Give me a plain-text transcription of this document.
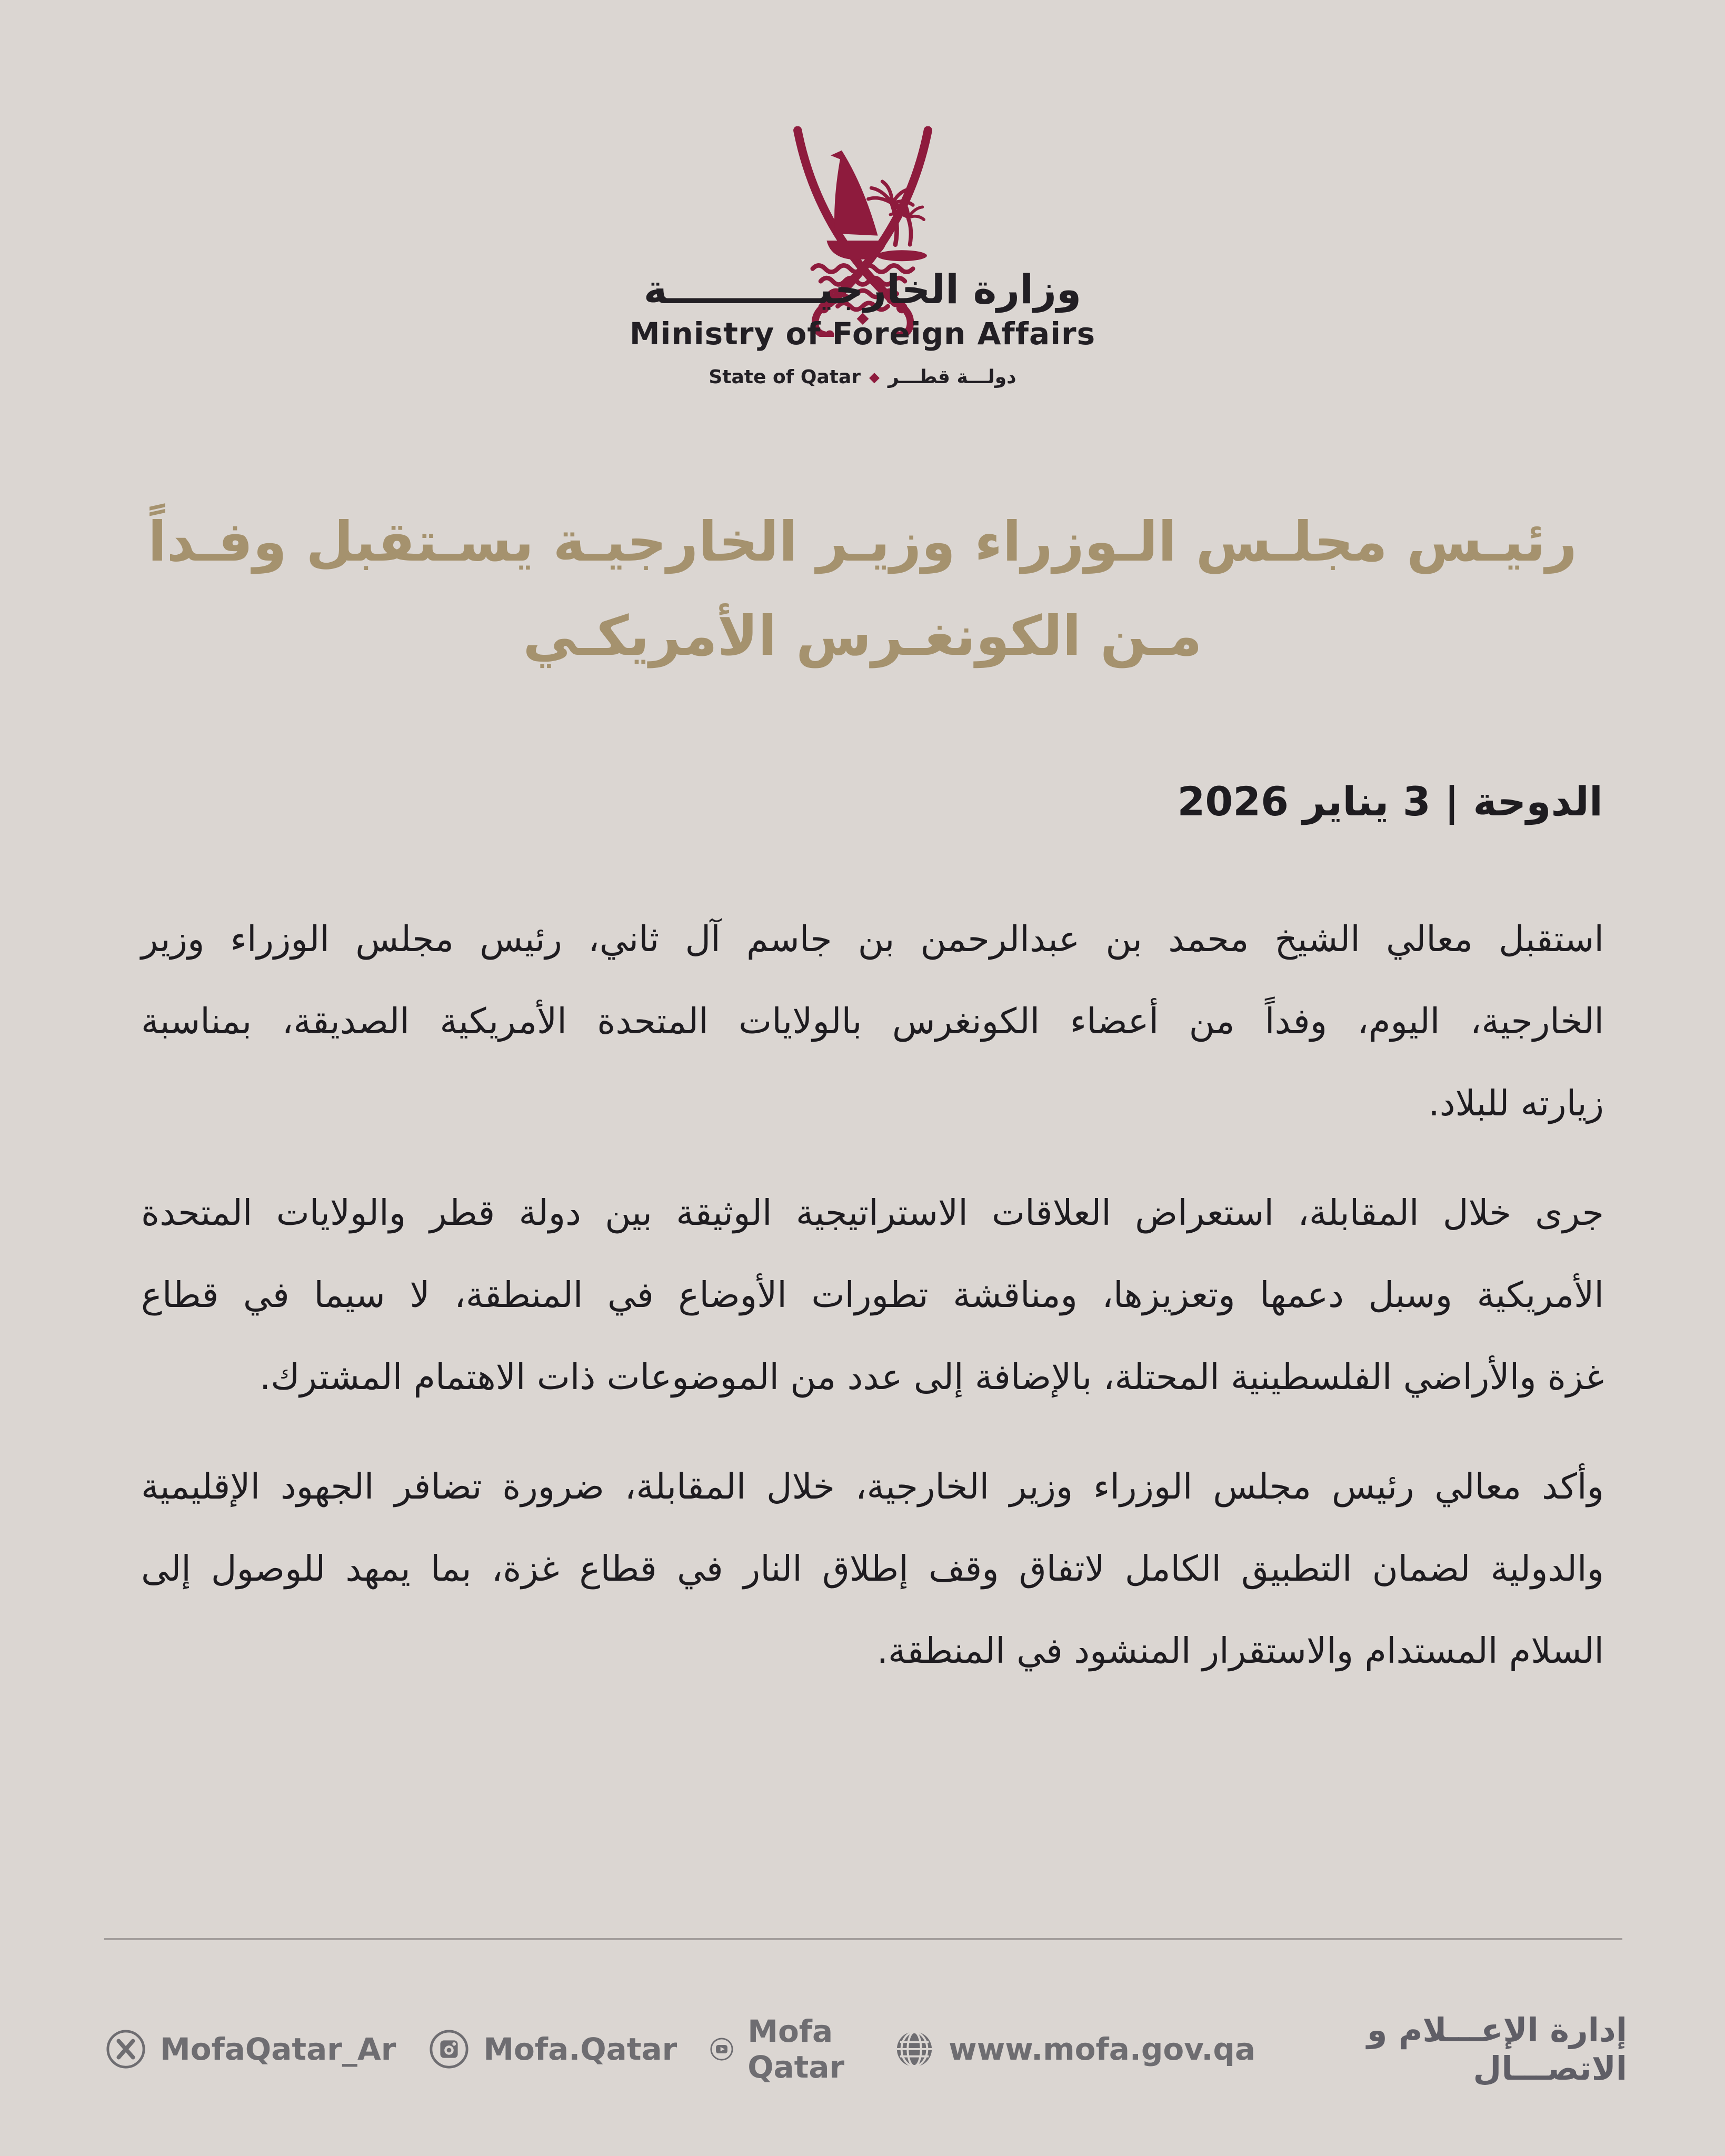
وزارة الخارجيـــــــــــة
Ministry of Foreign Affairs
State of Qatar ◆ دولـــة قطـــر
رئيـس مجلـس الـوزراء وزيـر الخارجيـة يسـتقبل وفـداً
مـن الكونغـرس الأمريكـي
الدوحة | 3 يناير 2026
استقبل معالي الشيخ محمد بن عبدالرحمن بن جاسم آل ثاني، رئيس مجلس الوزراء وزير
الخارجية، اليوم، وفداً من أعضاء الكونغرس بالولايات المتحدة الأمريكية الصديقة، بمناسبة
زيارته للبلاد.
جرى خلال المقابلة، استعراض العلاقات الاستراتيجية الوثيقة بين دولة قطر والولايات المتحدة
الأمريكية وسبل دعمها وتعزيزها، ومناقشة تطورات الأوضاع في المنطقة، لا سيما في قطاع
غزة والأراضي الفلسطينية المحتلة، بالإضافة إلى عدد من الموضوعات ذات الاهتمام المشترك.
وأكد معالي رئيس مجلس الوزراء وزير الخارجية، خلال المقابلة، ضرورة تضافر الجهود الإقليمية
والدولية لضمان التطبيق الكامل لاتفاق وقف إطلاق النار في قطاع غزة، بما يمهد للوصول إلى
السلام المستدام والاستقرار المنشود في المنطقة.
MofaQatar_Ar	Mofa.Qatar Mofa Qatar	www.mofa.gov.qa	إدارة الإعـــلام و الاتصـــال
